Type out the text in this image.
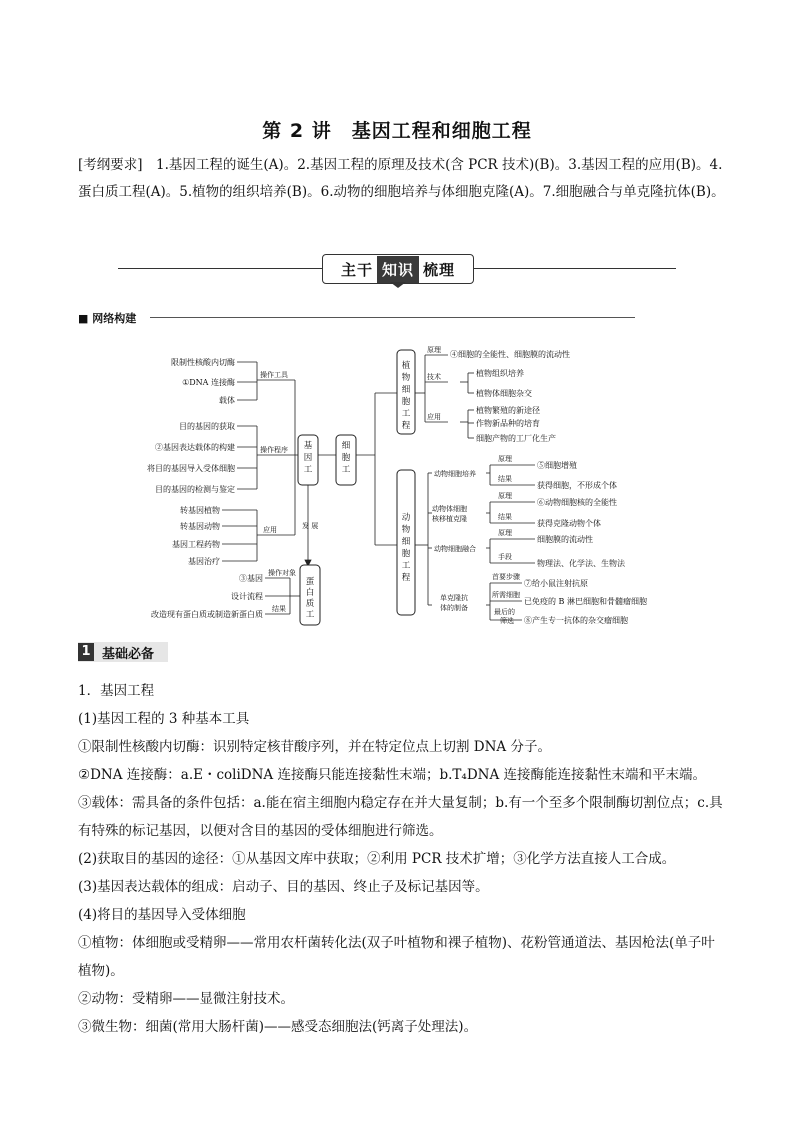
第 2 讲　基因工程和细胞工程
[考纲要求]　1.基因工程的诞生(A)。2.基因工程的原理及技术(含 PCR 技术)(B)。3.基因工程的应用(B)。4.蛋白质工程(A)。5.植物的组织培养(B)。6.动物的细胞培养与体细胞克隆(A)。7.细胞融合与单克隆抗体(B)。
主干 知识 梳理
■ 网络构建
基
因
工
细
胞
工
植
物
细
胞
工
程
动
物
细
胞
工
程
蛋
白
质
工
限制性核酸内切酶
①DNA 连接酶
载体
目的基因的获取
②基因表达载体的构建
将目的基因导入受体细胞
目的基因的检测与鉴定
转基因植物
转基因动物
基因工程药物
基因治疗
③基因
设计流程
改造现有蛋白质或制造新蛋白质
操作工具
操作程序
应用	发 展
操作对象
结果
原理
技术
应用
原理
结果
原理
结果
原理
手段
首要步骤
所需细胞
最后的
筛选
④细胞的全能性、细胞膜的流动性
植物组织培养
植物体细胞杂交
植物繁殖的新途径
作物新品种的培育
细胞产物的工厂化生产
动物细胞培养
动物体细胞
核移植克隆
动物细胞融合
单克隆抗
体的制备
⑤细胞增殖
获得细胞，不形成个体
⑥动物细胞核的全能性
获得克隆动物个体
细胞膜的流动性
物理法、化学法、生物法
⑦给小鼠注射抗原
已免疫的 B 淋巴细胞和骨髓瘤细胞
⑧产生专一抗体的杂交瘤细胞
1 基础必备

1．基因工程

(1)基因工程的 3 种基本工具

①限制性核酸内切酶：识别特定核苷酸序列，并在特定位点上切割 DNA 分子。

②DNA 连接酶：a.E・coliDNA 连接酶只能连接黏性末端；b.T₄DNA 连接酶能连接黏性末端和平末端。

③载体：需具备的条件包括：a.能在宿主细胞内稳定存在并大量复制；b.有一个至多个限制酶切割位点；c.具有特殊的标记基因，以便对含目的基因的受体细胞进行筛选。

(2)获取目的基因的途径：①从基因文库中获取；②利用 PCR 技术扩增；③化学方法直接人工合成。

(3)基因表达载体的组成：启动子、目的基因、终止子及标记基因等。

(4)将目的基因导入受体细胞

①植物：体细胞或受精卵——常用农杆菌转化法(双子叶植物和裸子植物)、花粉管通道法、基因枪法(单子叶植物)。

②动物：受精卵——显微注射技术。

③微生物：细菌(常用大肠杆菌)——感受态细胞法(钙离子处理法)。
